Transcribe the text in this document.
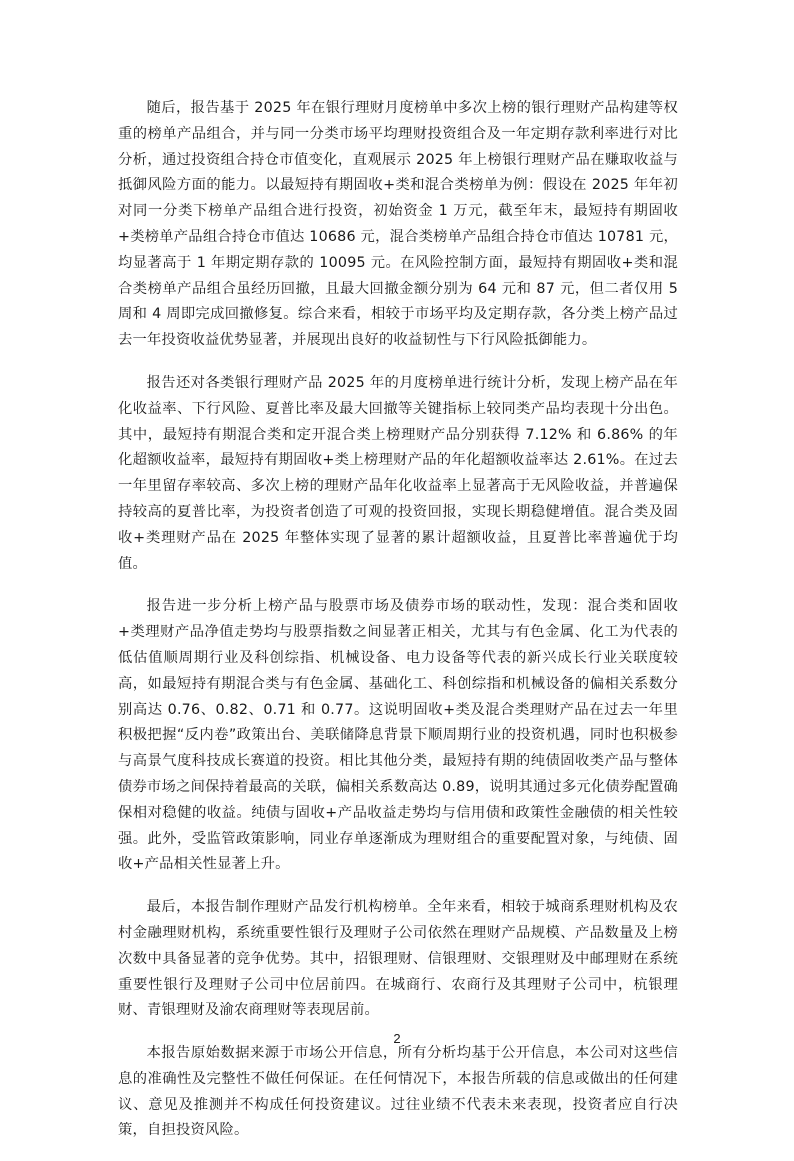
随后，报告基于 2025 年在银行理财月度榜单中多次上榜的银行理财产品构建等权重的榜单产品组合，并与同一分类市场平均理财投资组合及一年定期存款利率进行对比分析，通过投资组合持仓市值变化，直观展示 2025 年上榜银行理财产品在赚取收益与抵御风险方面的能力。以最短持有期固收+类和混合类榜单为例：假设在 2025 年年初对同一分类下榜单产品组合进行投资，初始资金 1 万元，截至年末，最短持有期固收+类榜单产品组合持仓市值达 10686 元，混合类榜单产品组合持仓市值达 10781 元，均显著高于 1 年期定期存款的 10095 元。在风险控制方面，最短持有期固收+类和混合类榜单产品组合虽经历回撤，且最大回撤金额分别为 64 元和 87 元，但二者仅用 5 周和 4 周即完成回撤修复。综合来看，相较于市场平均及定期存款，各分类上榜产品过去一年投资收益优势显著，并展现出良好的收益韧性与下行风险抵御能力。

报告还对各类银行理财产品 2025 年的月度榜单进行统计分析，发现上榜产品在年化收益率、下行风险、夏普比率及最大回撤等关键指标上较同类产品均表现十分出色。其中，最短持有期混合类和定开混合类上榜理财产品分别获得 7.12% 和 6.86% 的年化超额收益率，最短持有期固收+类上榜理财产品的年化超额收益率达 2.61%。在过去一年里留存率较高、多次上榜的理财产品年化收益率上显著高于无风险收益，并普遍保持较高的夏普比率，为投资者创造了可观的投资回报，实现长期稳健增值。混合类及固收+类理财产品在 2025 年整体实现了显著的累计超额收益，且夏普比率普遍优于均值。

报告进一步分析上榜产品与股票市场及债券市场的联动性，发现：混合类和固收+类理财产品净值走势均与股票指数之间显著正相关，尤其与有色金属、化工为代表的低估值顺周期行业及科创综指、机械设备、电力设备等代表的新兴成长行业关联度较高，如最短持有期混合类与有色金属、基础化工、科创综指和机械设备的偏相关系数分别高达 0.76、0.82、0.71 和 0.77。这说明固收+类及混合类理财产品在过去一年里积极把握“反内卷”政策出台、美联储降息背景下顺周期行业的投资机遇，同时也积极参与高景气度科技成长赛道的投资。相比其他分类，最短持有期的纯债固收类产品与整体债券市场之间保持着最高的关联，偏相关系数高达 0.89，说明其通过多元化债券配置确保相对稳健的收益。纯债与固收+产品收益走势均与信用债和政策性金融债的相关性较强。此外，受监管政策影响，同业存单逐渐成为理财组合的重要配置对象，与纯债、固收+产品相关性显著上升。

最后，本报告制作理财产品发行机构榜单。全年来看，相较于城商系理财机构及农村金融理财机构，系统重要性银行及理财子公司依然在理财产品规模、产品数量及上榜次数中具备显著的竞争优势。其中，招银理财、信银理财、交银理财及中邮理财在系统重要性银行及理财子公司中位居前四。在城商行、农商行及其理财子公司中，杭银理财、青银理财及渝农商理财等表现居前。

本报告原始数据来源于市场公开信息，所有分析均基于公开信息，本公司对这些信息的准确性及完整性不做任何保证。在任何情况下，本报告所载的信息或做出的任何建议、意见及推测并不构成任何投资建议。过往业绩不代表未来表现，投资者应自行决策，自担投资风险。

2
